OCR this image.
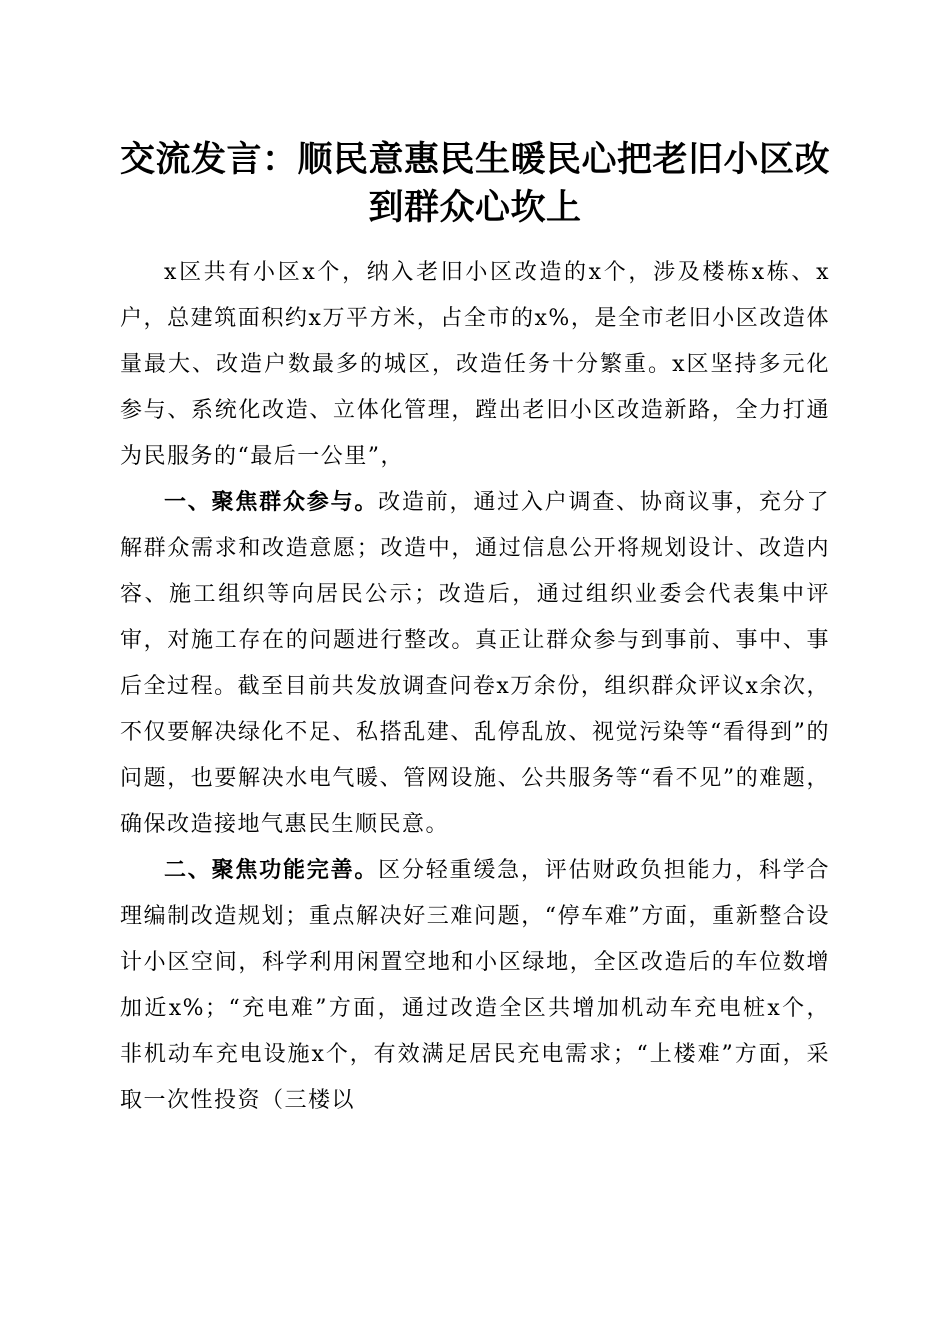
交流发言：顺民意惠民生暖民心把老旧小区改
到群众心坎上

x区共有小区x个，纳入老旧小区改造的x个，涉及楼栋x栋、x户，总建筑面积约x万平方米，占全市的x%，是全市老旧小区改造体量最大、改造户数最多的城区，改造任务十分繁重。x区坚持多元化参与、系统化改造、立体化管理，蹚出老旧小区改造新路，全力打通为民服务的“最后一公里”，

一、聚焦群众参与。改造前，通过入户调查、协商议事，充分了解群众需求和改造意愿；改造中，通过信息公开将规划设计、改造内容、施工组织等向居民公示；改造后，通过组织业委会代表集中评审，对施工存在的问题进行整改。真正让群众参与到事前、事中、事后全过程。截至目前共发放调查问卷x万余份，组织群众评议x余次，不仅要解决绿化不足、私搭乱建、乱停乱放、视觉污染等“看得到”的问题，也要解决水电气暖、管网设施、公共服务等“看不见”的难题，确保改造接地气惠民生顺民意。

二、聚焦功能完善。区分轻重缓急，评估财政负担能力，科学合理编制改造规划；重点解决好三难问题，“停车难”方面，重新整合设计小区空间，科学利用闲置空地和小区绿地，全区改造后的车位数增加近x%；“充电难”方面，通过改造全区共增加机动车充电桩x个，非机动车充电设施x个，有效满足居民充电需求；“上楼难”方面，采取一次性投资（三楼以
